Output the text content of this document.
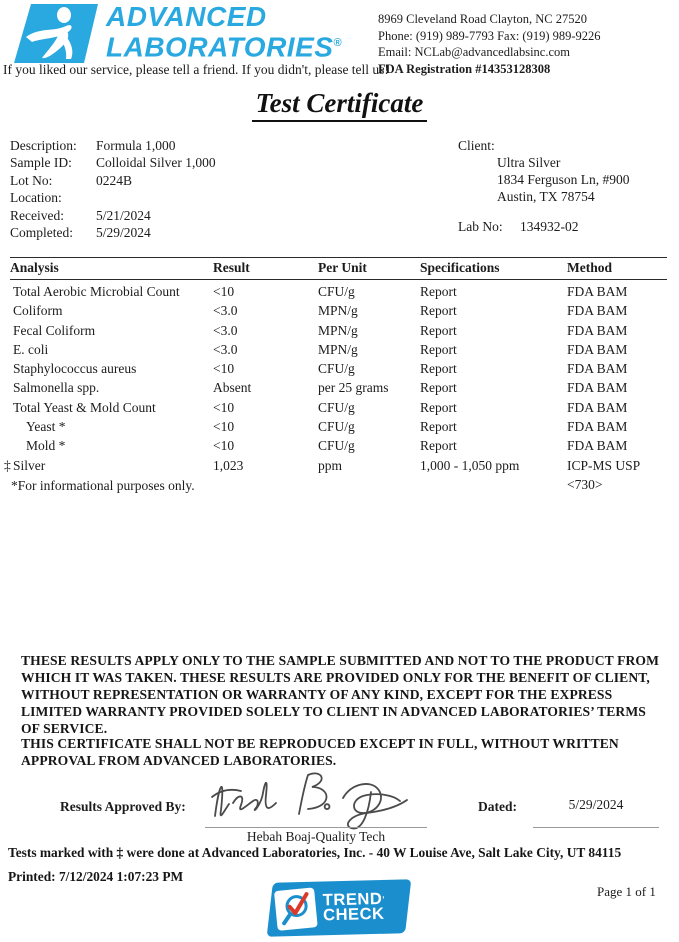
ADVANCED
LABORATORIES®
8969 Cleveland Road Clayton, NC 27520
Phone: (919) 989-7793 Fax: (919) 989-9226
Email: NCLab@advancedlabsinc.com
FDA Registration #14353128308
If you liked our service, please tell a friend. If you didn't, please tell us!
Test Certificate
Description:	Formula 1,000
Sample ID:	Colloidal Silver 1,000
Lot No:	0224B
Location:
Received:	5/21/2024
Completed:	5/29/2024
Client:
Ultra Silver
1834 Ferguson Ln, #900
Austin, TX 78754
Lab No:	134932-02
Analysis	Result	Per Unit	Specifications	Method
Total Aerobic Microbial Count	<10	CFU/g	Report	FDA BAM
Coliform	<3.0	MPN/g	Report	FDA BAM
Fecal Coliform	<3.0	MPN/g	Report	FDA BAM
E. coli	<3.0	MPN/g	Report	FDA BAM
Staphylococcus aureus	<10	CFU/g	Report	FDA BAM
Salmonella spp.	Absent	per 25 grams	Report	FDA BAM
Total Yeast & Mold Count	<10	CFU/g	Report	FDA BAM
Yeast *	<10	CFU/g	Report	FDA BAM
Mold *	<10	CFU/g	Report	FDA BAM
‡ Silver	1,023	ppm	1,000 - 1,050 ppm	ICP-MS USP <730>
*For informational purposes only.
THESE RESULTS APPLY ONLY TO THE SAMPLE SUBMITTED AND NOT TO THE PRODUCT FROM WHICH IT WAS TAKEN. THESE RESULTS ARE PROVIDED ONLY FOR THE BENEFIT OF CLIENT, WITHOUT REPRESENTATION OR WARRANTY OF ANY KIND, EXCEPT FOR THE EXPRESS LIMITED WARRANTY PROVIDED SOLELY TO CLIENT IN ADVANCED LABORATORIES’ TERMS OF SERVICE.
THIS CERTIFICATE SHALL NOT BE REPRODUCED EXCEPT IN FULL, WITHOUT WRITTEN APPROVAL FROM ADVANCED LABORATORIES.
Results Approved By:
Hebah Boaj-Quality Tech
Dated:	5/29/2024
Tests marked with ‡ were done at Advanced Laboratories, Inc. - 40 W Louise Ave, Salt Lake City, UT 84115
Printed: 7/12/2024 1:07:23 PM
TREND’
CHECK
Page 1 of 1
